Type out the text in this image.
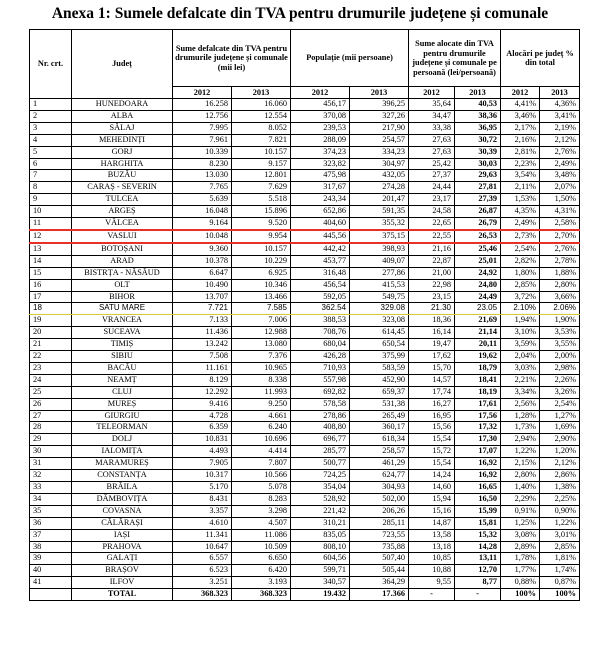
Anexa 1: Sumele defalcate din TVA pentru drumurile județene și comunale
Nr. crt.	Județ	Sume defalcate din TVA pentru drumurile județene și comunale (mii lei)		Populație (mii persoane)		Sume alocate din TVA pentru drumurile județene și comunale pe persoană (lei/persoană)		Alocări pe județ % din total	
		2012	2013	2012	2013	2012	2013	2012	2013
1	HUNEDOARA	16.258	16.060	456,17	396,25	35,64	40,53	4,41%	4,36%
2	ALBA	12.756	12.554	370,08	327,26	34,47	38,36	3,46%	3,41%
3	SĂLAJ	7.995	8.052	239,53	217,90	33,38	36,95	2,17%	2,19%
4	MEHEDINȚI	7.961	7.821	288,09	254,57	27,63	30,72	2,16%	2,12%
5	GORJ	10.339	10.157	374,23	334,23	27,63	30,39	2,81%	2,76%
6	HARGHITA	8.230	9.157	323,82	304,97	25,42	30,03	2,23%	2,49%
7	BUZĂU	13.030	12.801	475,98	432,05	27,37	29,63	3,54%	3,48%
8	CARAȘ - SEVERIN	7.765	7.629	317,67	274,28	24,44	27,81	2,11%	2,07%
9	TULCEA	5.639	5.518	243,34	201,47	23,17	27,39	1,53%	1,50%
10	ARGEȘ	16.048	15.896	652,86	591,35	24,58	26,87	4,35%	4,31%
11	VÂLCEA	9.164	9.520	404,60	355,32	22,65	26,79	2,49%	2,58%
12	VASLUI	10.048	9.954	445,56	375,15	22,55	26,53	2,73%	2,70%
13	BOTOȘANI	9.360	10.157	442,42	398,93	21,16	25,46	2,54%	2,76%
14	ARAD	10.378	10.229	453,77	409,07	22,87	25,01	2,82%	2,78%
15	BISTRȚA - NĂSĂUD	6.647	6.925	316,48	277,86	21,00	24,92	1,80%	1,88%
16	OLT	10.490	10.346	456,54	415,53	22,98	24,80	2,85%	2,80%
17	BIHOR	13.707	13.466	592,05	549,75	23,15	24,49	3,72%	3,66%
18	SATU MARE	7.721	7.585	362.54	329.08	21.30	23.05	2.10%	2.06%
19	VRANCEA	7.133	7.006	388,53	323,08	18,36	21,69	1,94%	1,90%
20	SUCEAVA	11.436	12.988	708,76	614,45	16,14	21,14	3,10%	3,53%
21	TIMIȘ	13.242	13.080	680,04	650,54	19,47	20,11	3,59%	3,55%
22	SIBIU	7.508	7.376	426,28	375,99	17,62	19,62	2,04%	2,00%
23	BACĂU	11.161	10.965	710,93	583,59	15,70	18,79	3,03%	2,98%
24	NEAMȚ	8.129	8.338	557,98	452,90	14,57	18,41	2,21%	2,26%
25	CLUJ	12.292	11.993	692,82	659,37	17,74	18,19	3,34%	3,26%
26	MUREȘ	9.416	9.250	578,58	531,38	16,27	17,61	2,56%	2,54%
27	GIURGIU	4.728	4.661	278,86	265,49	16,95	17,56	1,28%	1,27%
28	TELEORMAN	6.359	6.240	408,80	360,17	15,56	17,32	1,73%	1,69%
29	DOLJ	10.831	10.696	696,77	618,34	15,54	17,30	2,94%	2,90%
30	IALOMIȚA	4.493	4.414	285,77	258,57	15,72	17,07	1,22%	1,20%
31	MARAMUREȘ	7.905	7.807	500,77	461,29	15,54	16,92	2,15%	2,12%
32	CONSTANȚA	10.317	10.566	724,25	624,77	14,24	16,92	2,80%	2,86%
33	BRĂILA	5.170	5.078	354,04	304,93	14,60	16,65	1,40%	1,38%
34	DÂMBOVIȚA	8.431	8.283	528,92	502,00	15,94	16,50	2,29%	2,25%
35	COVASNA	3.357	3.298	221,42	206,26	15,16	15,99	0,91%	0,90%
36	CĂLĂRAȘI	4.610	4.507	310,21	285,11	14,87	15,81	1,25%	1,22%
37	IAȘI	11.341	11.086	835,05	723,55	13,58	15,32	3,08%	3,01%
38	PRAHOVA	10.647	10.509	808,10	735,88	13,18	14,28	2,89%	2,85%
39	GALAȚI	6.557	6.650	604,56	507,40	10,85	13,11	1,78%	1,81%
40	BRAȘOV	6.523	6.420	599,71	505,44	10,88	12,70	1,77%	1,74%
41	ILFOV	3.251	3.193	340,57	364,29	9,55	8,77	0,88%	0,87%
	TOTAL	368.323	368.323	19.432	17.366	-	-	100%	100%
